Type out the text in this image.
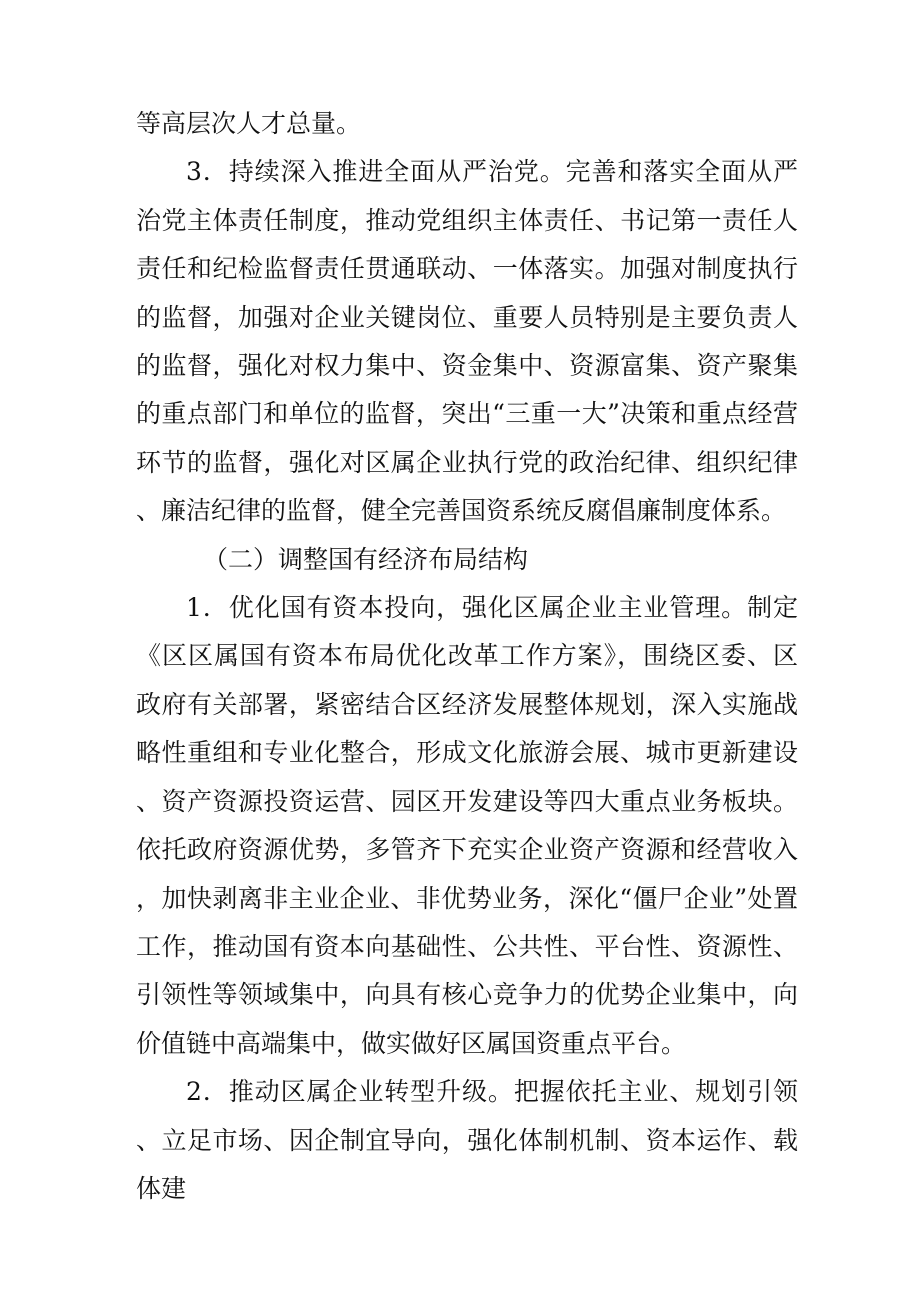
等高层次人才总量。

3．持续深入推进全面从严治党。完善和落实全面从严治党主体责任制度，推动党组织主体责任、书记第一责任人责任和纪检监督责任贯通联动、一体落实。加强对制度执行的监督，加强对企业关键岗位、重要人员特别是主要负责人的监督，强化对权力集中、资金集中、资源富集、资产聚集的重点部门和单位的监督，突出“三重一大”决策和重点经营环节的监督，强化对区属企业执行党的政治纪律、组织纪律、廉洁纪律的监督，健全完善国资系统反腐倡廉制度体系。

（二）调整国有经济布局结构

1．优化国有资本投向，强化区属企业主业管理。制定《区区属国有资本布局优化改革工作方案》，围绕区委、区政府有关部署，紧密结合区经济发展整体规划，深入实施战略性重组和专业化整合，形成文化旅游会展、城市更新建设、资产资源投资运营、园区开发建设等四大重点业务板块。依托政府资源优势，多管齐下充实企业资产资源和经营收入，加快剥离非主业企业、非优势业务，深化“僵尸企业”处置工作，推动国有资本向基础性、公共性、平台性、资源性、引领性等领域集中，向具有核心竞争力的优势企业集中，向价值链中高端集中，做实做好区属国资重点平台。

2．推动区属企业转型升级。把握依托主业、规划引领、立足市场、因企制宜导向，强化体制机制、资本运作、载体建
